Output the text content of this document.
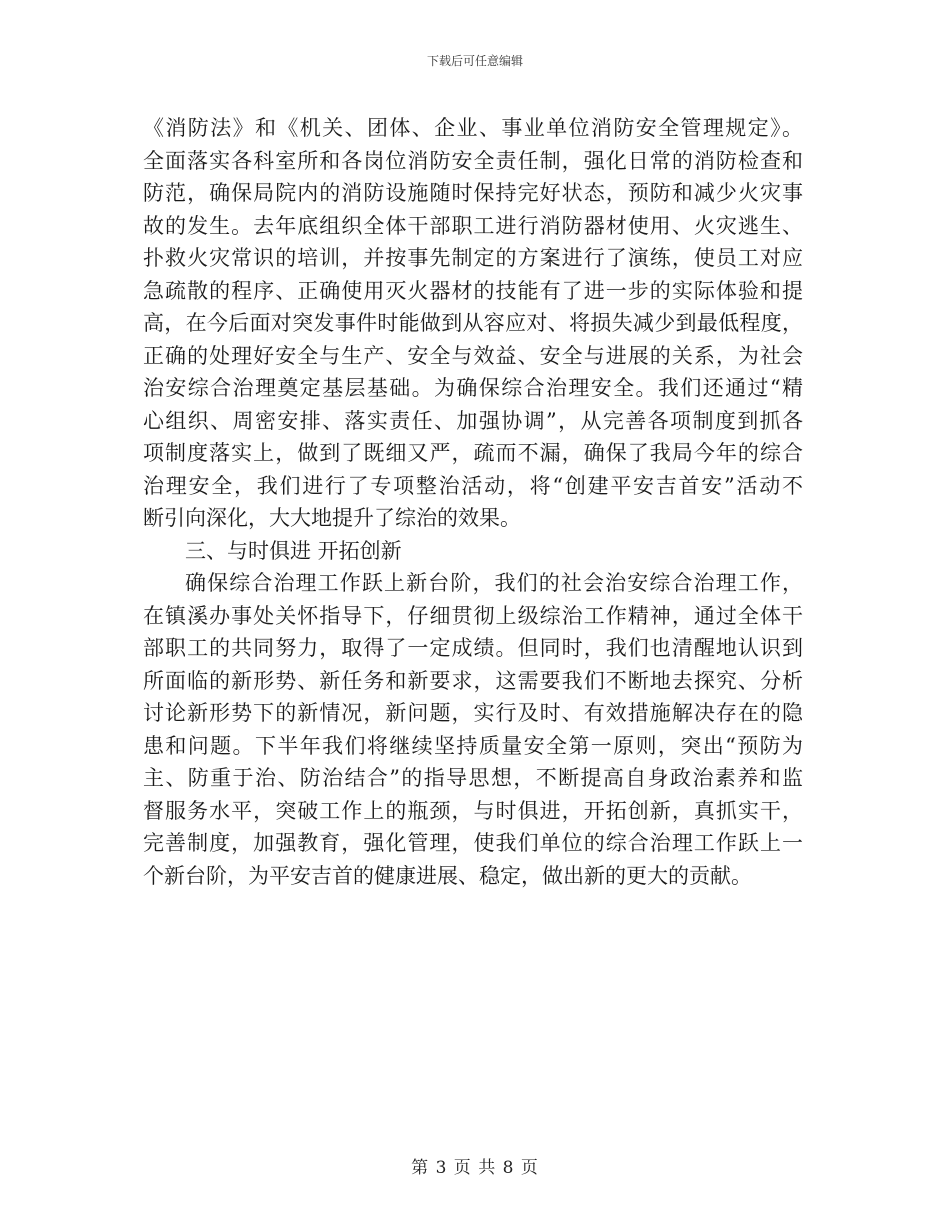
下载后可任意编辑
《消防法》和《机关、团体、企业、事业单位消防安全管理规定》。
全面落实各科室所和各岗位消防安全责任制，强化日常的消防检查和
防范，确保局院内的消防设施随时保持完好状态，预防和减少火灾事
故的发生。去年底组织全体干部职工进行消防器材使用、火灾逃生、
扑救火灾常识的培训，并按事先制定的方案进行了演练，使员工对应
急疏散的程序、正确使用灭火器材的技能有了进一步的实际体验和提
高，在今后面对突发事件时能做到从容应对、将损失减少到最低程度，
正确的处理好安全与生产、安全与效益、安全与进展的关系，为社会
治安综合治理奠定基层基础。为确保综合治理安全。我们还通过“精
心组织、周密安排、落实责任、加强协调”，从完善各项制度到抓各
项制度落实上，做到了既细又严，疏而不漏，确保了我局今年的综合
治理安全，我们进行了专项整治活动，将“创建平安吉首安”活动不
断引向深化，大大地提升了综治的效果。
三、与时俱进 开拓创新
确保综合治理工作跃上新台阶，我们的社会治安综合治理工作，
在镇溪办事处关怀指导下，仔细贯彻上级综治工作精神，通过全体干
部职工的共同努力，取得了一定成绩。但同时，我们也清醒地认识到
所面临的新形势、新任务和新要求，这需要我们不断地去探究、分析
讨论新形势下的新情况，新问题，实行及时、有效措施解决存在的隐
患和问题。下半年我们将继续坚持质量安全第一原则，突出“预防为
主、防重于治、防治结合”的指导思想，不断提高自身政治素养和监
督服务水平，突破工作上的瓶颈，与时俱进，开拓创新，真抓实干，
完善制度，加强教育，强化管理，使我们单位的综合治理工作跃上一
个新台阶，为平安吉首的健康进展、稳定，做出新的更大的贡献。
第 3 页 共 8 页
